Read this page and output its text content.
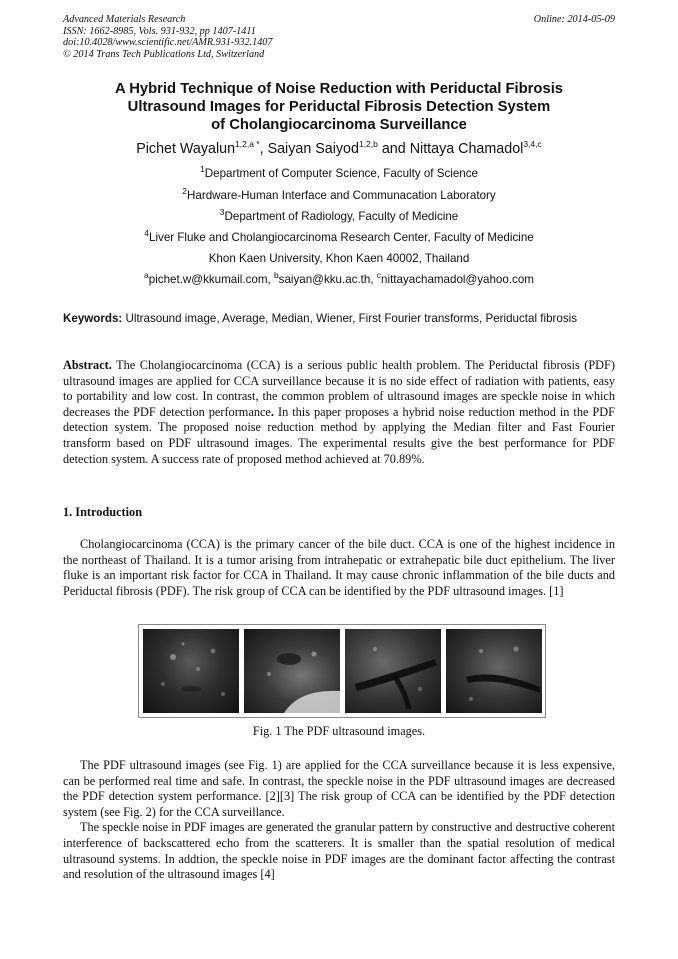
Advanced Materials Research
ISSN: 1662-8985, Vols. 931-932, pp 1407-1411
doi:10.4028/www.scientific.net/AMR.931-932.1407
© 2014 Trans Tech Publications Ltd, Switzerland
Online: 2014-05-09
A Hybrid Technique of Noise Reduction with Periductal Fibrosis
Ultrasound Images for Periductal Fibrosis Detection System
of Cholangiocarcinoma Surveillance
Pichet Wayalun$^{1,2,a *}$, Saiyan Saiyod$^{1,2,b}$ and Nittaya Chamadol$^{3,4,c}$
$^1$Department of Computer Science, Faculty of Science
$^2$Hardware-Human Interface and Communacation Laboratory
$^3$Department of Radiology, Faculty of Medicine
$^4$Liver Fluke and Cholangiocarcinoma Research Center, Faculty of Medicine
Khon Kaen University, Khon Kaen 40002, Thailand
$^a$pichet.w@kkumail.com, $^b$saiyan@kku.ac.th, $^c$nittayachamadol@yahoo.com
Keywords: Ultrasound image, Average, Median, Wiener, First Fourier transforms, Periductal fibrosis
Abstract. The Cholangiocarcinoma (CCA) is a serious public health problem. The Periductal fibrosis (PDF) ultrasound images are applied for CCA surveillance because it is no side effect of radiation with patients, easy to portability and low cost. In contrast, the common problem of ultrasound images are speckle noise in which decreases the PDF detection performance. In this paper proposes a hybrid noise reduction method in the PDF detection system. The proposed noise reduction method by applying the Median filter and Fast Fourier transform based on PDF ultrasound images. The experimental results give the best performance for PDF detection system. A success rate of proposed method achieved at 70.89%.
1. Introduction

Cholangiocarcinoma (CCA) is the primary cancer of the bile duct. CCA is one of the highest incidence in the northeast of Thailand. It is a tumor arising from intrahepatic or extrahepatic bile duct epithelium. The liver fluke is an important risk factor for CCA in Thailand. It may cause chronic inflammation of the bile ducts and Periductal fibrosis (PDF). The risk group of CCA can be identified by the PDF ultrasound images. [1]

Fig. 1 The PDF ultrasound images.

The PDF ultrasound images (see Fig. 1) are applied for the CCA surveillance because it is less expensive, can be performed real time and safe. In contrast, the speckle noise in the PDF ultrasound images are decreased the PDF detection system performance. [2][3] The risk group of CCA can be identified by the PDF detection system (see Fig. 2) for the CCA surveillance.

The speckle noise in PDF images are generated the granular pattern by constructive and destructive coherent interference of backscattered echo from the scatterers. It is smaller than the spatial resolution of medical ultrasound systems. In addtion, the speckle noise in PDF images are the dominant factor affecting the contrast and resolution of the ultrasound images [4]
